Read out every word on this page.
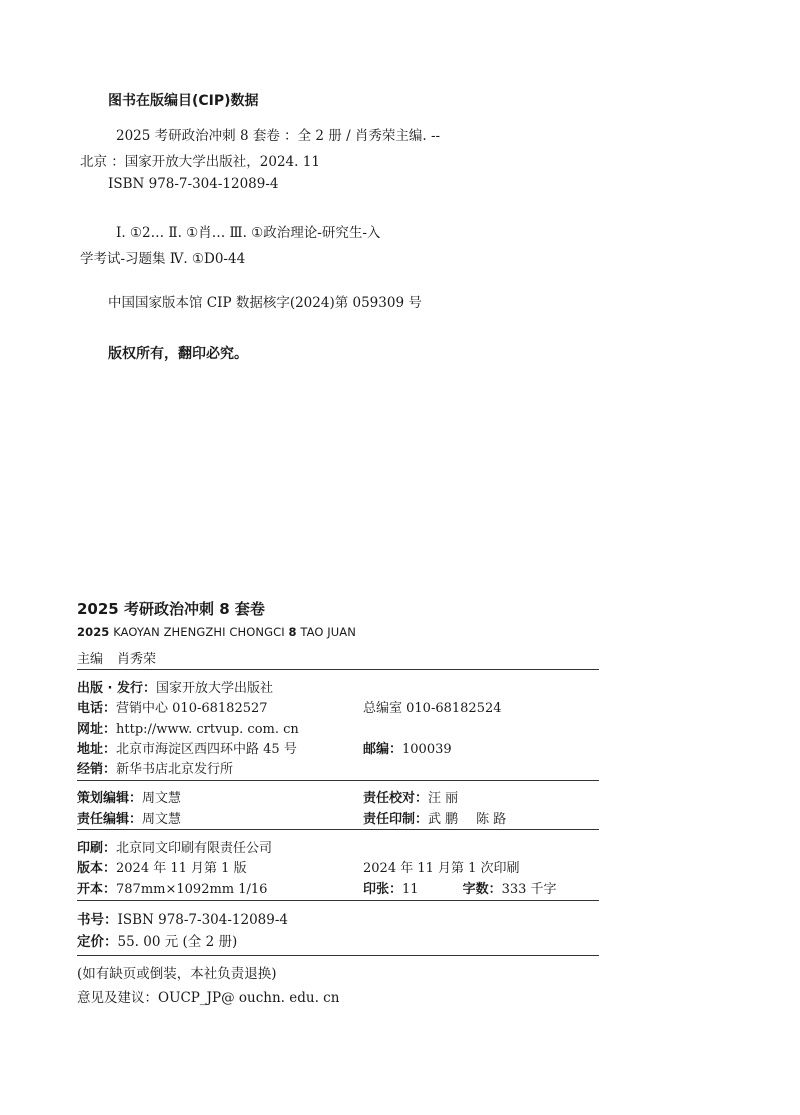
图书在版编目(CIP)数据
2025 考研政治冲刺 8 套卷 ：全 2 册 / 肖秀荣主编. --
北京 ：国家开放大学出版社，2024. 11
ISBN 978-7-304-12089-4
Ⅰ. ①2… Ⅱ. ①肖… Ⅲ. ①政治理论-研究生-入
学考试-习题集 Ⅳ. ①D0-44
中国国家版本馆 CIP 数据核字(2024)第 059309 号
版权所有，翻印必究。
2025 考研政治冲刺 8 套卷
2025 KAOYAN ZHENGZHI CHONGCI 8 TAO JUAN
主编 肖秀荣
出版 · 发行：国家开放大学出版社
电话：营销中心 010-68182527	总编室 010-68182524
网址：http://www. crtvup. com. cn
地址：北京市海淀区西四环中路 45 号	邮编：100039
经销：新华书店北京发行所
策划编辑：周文慧	责任校对：汪 丽
责任编辑：周文慧	责任印制：武 鹏 陈 路
印刷：北京同文印刷有限责任公司
版本：2024 年 11 月第 1 版	2024 年 11 月第 1 次印刷
开本：787mm×1092mm 1/16	印张：11	字数：333 千字
书号：ISBN 978-7-304-12089-4
定价：55. 00 元 (全 2 册)
(如有缺页或倒装，本社负责退换)
意见及建议：OUCP_JP@ ouchn. edu. cn
